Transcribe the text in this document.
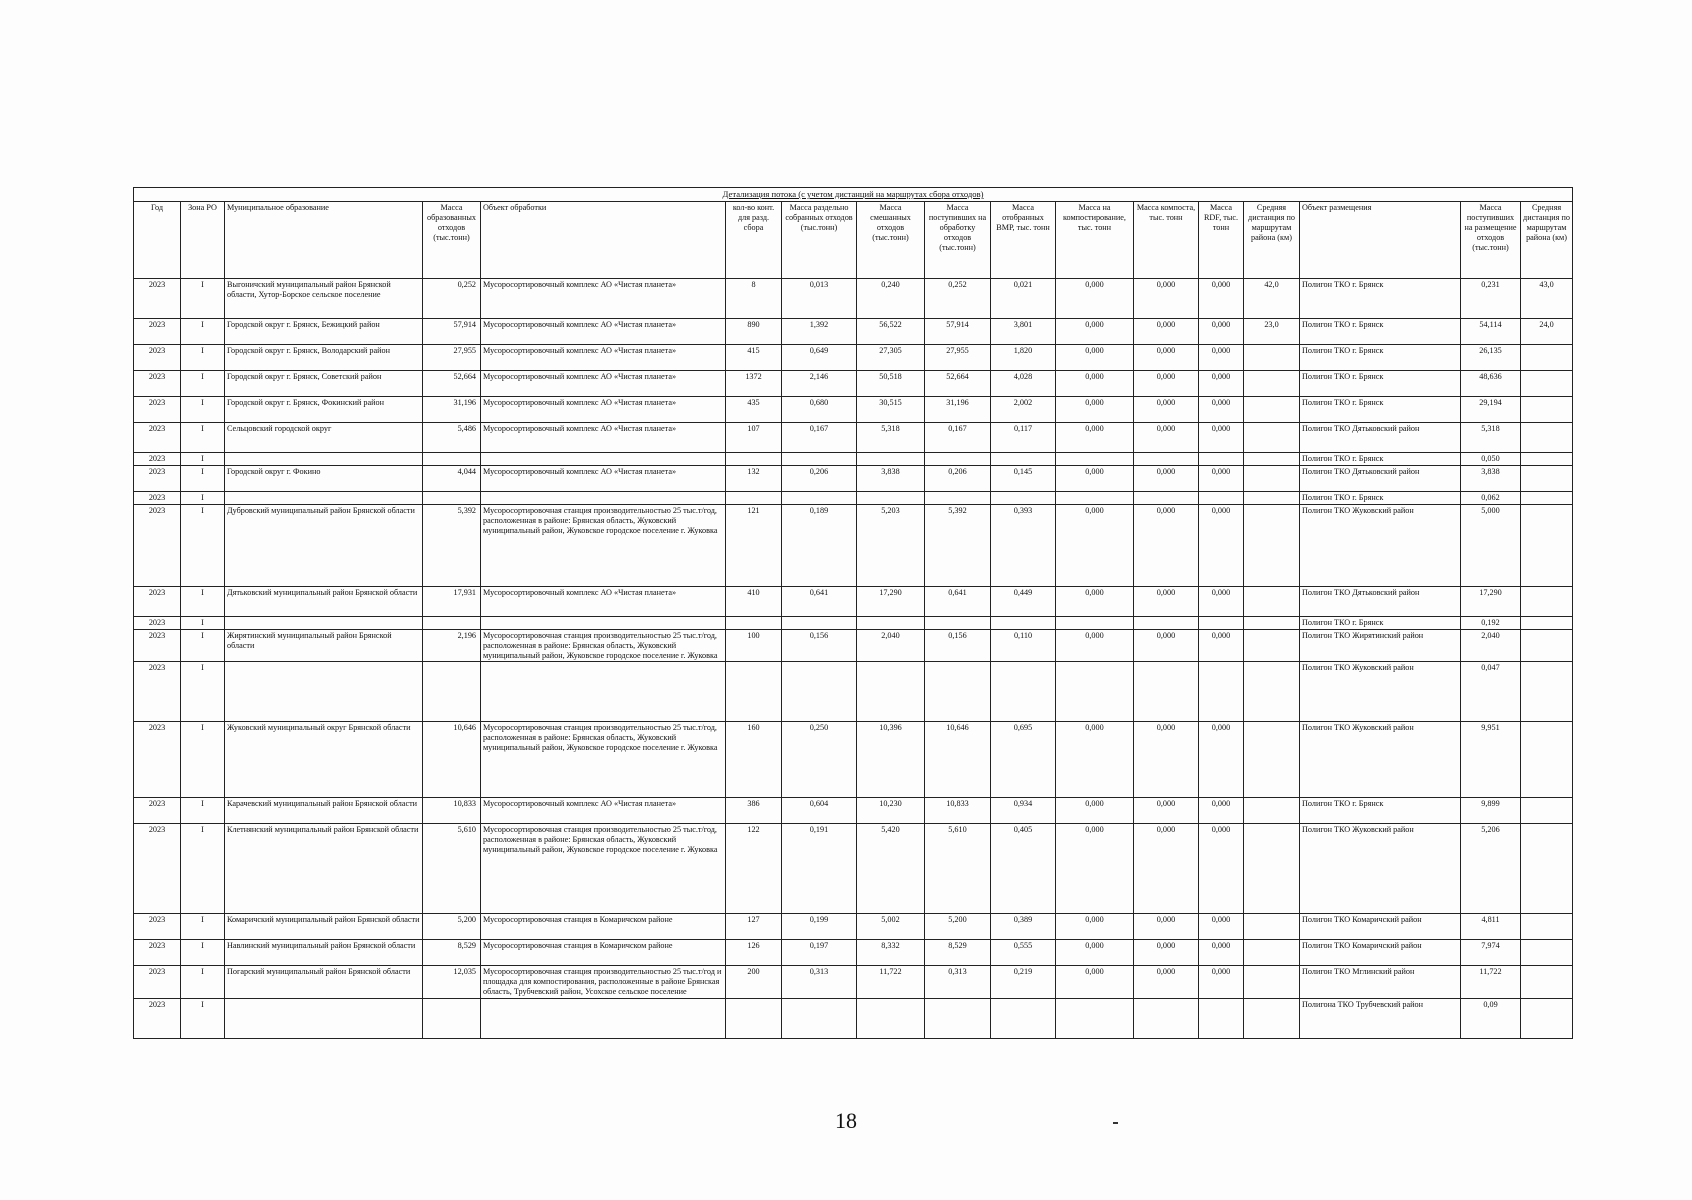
Детализация потока (с учетом дистанций на маршрутах сбора отходов)																
Год	Зона РО	Муниципальное образование	Масса образованных отходов (тыс.тонн)	Объект обработки	кол-во конт. для разд. сбора	Масса раздельно собранных отходов (тыс.тонн)	Масса смешанных отходов (тыс.тонн)	Масса поступивших на обработку отходов (тыс.тонн)	Масса отобранных ВМР, тыс. тонн	Масса на компостирование, тыс. тонн	Масса компоста, тыс. тонн	Масса RDF, тыс. тонн	Средняя дистанция по маршрутам района (км)	Объект размещения	Масса поступивших на размещение отходов (тыс.тонн)	Средняя дистанция по маршрутам района (км)
2023	I	Выгоничский муниципальный район Брянской области, Хутор-Борское сельское поселение	0,252	Мусоросортировочный комплекс АО «Чистая планета»	8	0,013	0,240	0,252	0,021	0,000	0,000	0,000	42,0	Полигон ТКО г. Брянск	0,231	43,0
2023	I	Городской округ г. Брянск, Бежицкий район	57,914	Мусоросортировочный комплекс АО «Чистая планета»	890	1,392	56,522	57,914	3,801	0,000	0,000	0,000	23,0	Полигон ТКО г. Брянск	54,114	24,0
2023	I	Городской округ г. Брянск, Володарский район	27,955	Мусоросортировочный комплекс АО «Чистая планета»	415	0,649	27,305	27,955	1,820	0,000	0,000	0,000		Полигон ТКО г. Брянск	26,135	
2023	I	Городской округ г. Брянск, Советский район	52,664	Мусоросортировочный комплекс АО «Чистая планета»	1372	2,146	50,518	52,664	4,028	0,000	0,000	0,000		Полигон ТКО г. Брянск	48,636	
2023	I	Городской округ г. Брянск, Фокинский район	31,196	Мусоросортировочный комплекс АО «Чистая планета»	435	0,680	30,515	31,196	2,002	0,000	0,000	0,000		Полигон ТКО г. Брянск	29,194	
2023	I	Сельцовский городской округ	5,486	Мусоросортировочный комплекс АО «Чистая планета»	107	0,167	5,318	0,167	0,117	0,000	0,000	0,000		Полигон ТКО Дятьковский район	5,318	
2023	I													Полигон ТКО г. Брянск	0,050	
2023	I	Городской округ г. Фокино	4,044	Мусоросортировочный комплекс АО «Чистая планета»	132	0,206	3,838	0,206	0,145	0,000	0,000	0,000		Полигон ТКО Дятьковский район	3,838	
2023	I													Полигон ТКО г. Брянск	0,062	
2023	I	Дубровский муниципальный район Брянской области	5,392	Мусоросортировочная станция производительностью 25 тыс.т/год, расположенная в районе: Брянская область, Жуковский муниципальный район, Жуковское городское поселение г. Жуковка	121	0,189	5,203	5,392	0,393	0,000	0,000	0,000		Полигон ТКО Жуковский район	5,000	
2023	I	Дятьковский муниципальный район Брянской области	17,931	Мусоросортировочный комплекс АО «Чистая планета»	410	0,641	17,290	0,641	0,449	0,000	0,000	0,000		Полигон ТКО Дятьковский район	17,290	
2023	I													Полигон ТКО г. Брянск	0,192	
2023	I	Жирятинский муниципальный район Брянской области	2,196	Мусоросортировочная станция производительностью 25 тыс.т/год, расположенная в районе: Брянская область, Жуковский муниципальный район, Жуковское городское поселение г. Жуковка	100	0,156	2,040	0,156	0,110	0,000	0,000	0,000		Полигон ТКО Жирятинский район	2,040	
2023	I													Полигон ТКО Жуковский район	0,047	
2023	I	Жуковский муниципальный округ Брянской области	10,646	Мусоросортировочная станция производительностью 25 тыс.т/год, расположенная в районе: Брянская область, Жуковский муниципальный район, Жуковское городское поселение г. Жуковка	160	0,250	10,396	10,646	0,695	0,000	0,000	0,000		Полигон ТКО Жуковский район	9,951	
2023	I	Карачевский муниципальный район Брянской области	10,833	Мусоросортировочный комплекс АО «Чистая планета»	386	0,604	10,230	10,833	0,934	0,000	0,000	0,000		Полигон ТКО г. Брянск	9,899	
2023	I	Клетнянский муниципальный район Брянской области	5,610	Мусоросортировочная станция производительностью 25 тыс.т/год, расположенная в районе: Брянская область, Жуковский муниципальный район, Жуковское городское поселение г. Жуковка	122	0,191	5,420	5,610	0,405	0,000	0,000	0,000		Полигон ТКО Жуковский район	5,206	
2023	I	Комаричский муниципальный район Брянской области	5,200	Мусоросортировочная станция в Комаричском районе	127	0,199	5,002	5,200	0,389	0,000	0,000	0,000		Полигон ТКО Комаричский район	4,811	
2023	I	Навлинский муниципальный район Брянской области	8,529	Мусоросортировочная станция в Комаричском районе	126	0,197	8,332	8,529	0,555	0,000	0,000	0,000		Полигон ТКО Комаричский район	7,974	
2023	I	Погарский муниципальный район Брянской области	12,035	Мусоросортировочная станция производительностью 25 тыс.т/год и площадка для компостирования, расположенные в районе Брянская область, Трубчевский район, Усохское сельское поселение	200	0,313	11,722	0,313	0,219	0,000	0,000	0,000		Полигон ТКО Мглинский район	11,722	
2023	I													Полигона ТКО Трубчевский район	0,09	
18
